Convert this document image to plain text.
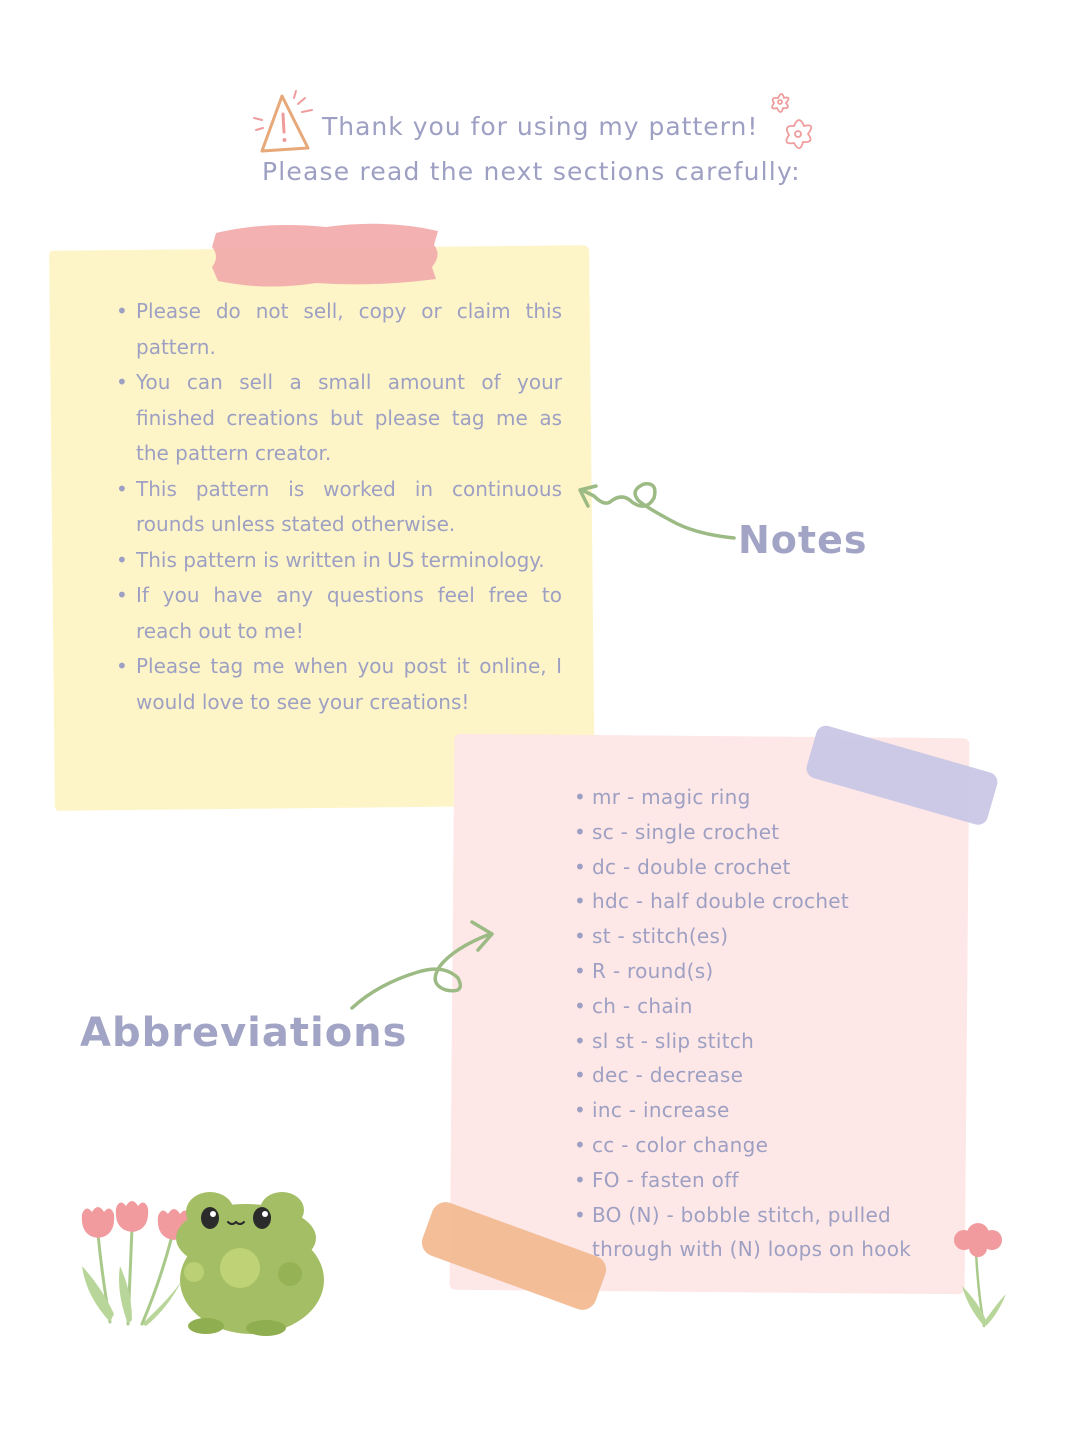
Thank you for using my pattern!
Please read the next sections carefully:
• Please do not sell, copy or claim this pattern.
• You can sell a small amount of your finished creations but please tag me as the pattern creator.
• This pattern is worked in continuous rounds unless stated otherwise.
• This pattern is written in US terminology.
• If you have any questions feel free to reach out to me!
• Please tag me when you post it online, I would love to see your creations!
Notes
• mr - magic ring
• sc - single crochet
• dc - double crochet
• hdc - half double crochet
• st - stitch(es)
• R - round(s)
• ch - chain
• sl st - slip stitch
• dec - decrease
• inc - increase
• cc - color change
• FO - fasten off
• BO (N) - bobble stitch, pulled through with (N) loops on hook
Abbreviations
